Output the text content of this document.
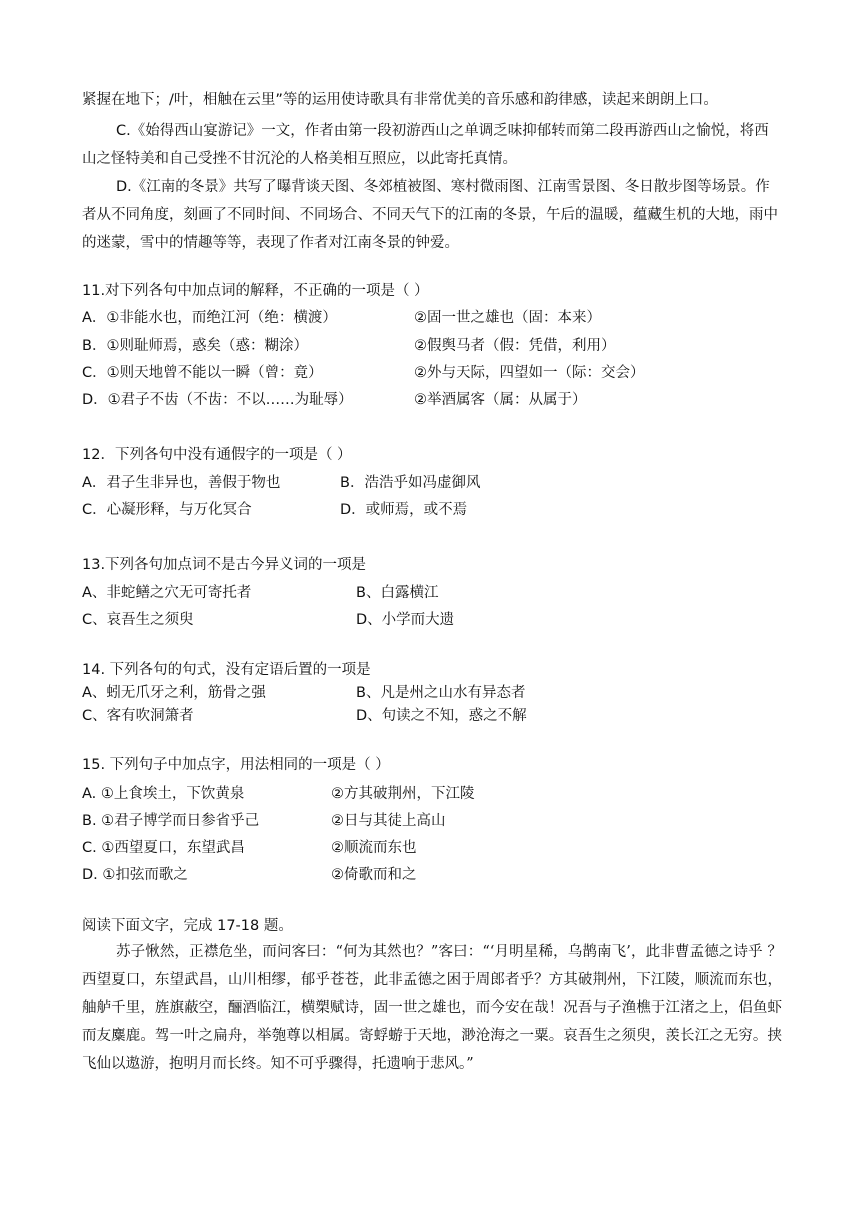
紧握在地下；/叶，相触在云里”等的运用使诗歌具有非常优美的音乐感和韵律感，读起来朗朗上口。
C.《始得西山宴游记》一文，作者由第一段初游西山之单调乏味抑郁转而第二段再游西山之愉悦，将西山之怪特美和自己受挫不甘沉沦的人格美相互照应，以此寄托真情。
D.《江南的冬景》共写了曝背谈天图、冬郊植被图、寒村微雨图、江南雪景图、冬日散步图等场景。作者从不同角度，刻画了不同时间、不同场合、不同天气下的江南的冬景，午后的温暖，蕴藏生机的大地，雨中的迷蒙，雪中的情趣等等，表现了作者对江南冬景的钟爱。
11.对下列各句中加点词的解释，不正确的一项是（ ）
A．①非能水也，而绝江河（绝：横渡）	②固一世之雄也（固：本来）
B．①则耻师焉，惑矣（惑：糊涂）	②假舆马者（假：凭借，利用）
C．①则天地曾不能以一瞬（曾：竟）	②外与天际，四望如一（际：交会）
D．①君子不齿（不齿：不以……为耻辱）	②举酒属客（属：从属于）
12．下列各句中没有通假字的一项是（ ）
A．君子生非异也，善假于物也	B．浩浩乎如冯虚御风
C．心凝形释，与万化冥合	D．或师焉，或不焉
13.下列各句加点词不是古今异义词的一项是
A、非蛇鳝之穴无可寄托者	B、白露横江
C、哀吾生之须臾	D、小学而大遗
14. 下列各句的句式，没有定语后置的一项是
A、蚓无爪牙之利，筋骨之强	B、凡是州之山水有异态者
C、客有吹洞箫者	D、句读之不知，惑之不解
15. 下列句子中加点字，用法相同的一项是（ ）
A. ①上食埃土，下饮黄泉	②方其破荆州，下江陵
B. ①君子博学而日参省乎己	②日与其徒上高山
C. ①西望夏口，东望武昌	②顺流而东也
D. ①扣弦而歌之	②倚歌而和之
阅读下面文字，完成 17-18 题。
苏子愀然，正襟危坐，而问客曰：“何为其然也？”客曰：“‘月明星稀，乌鹊南飞’，此非曹孟德之诗乎 ？西望夏口，东望武昌，山川相缪，郁乎苍苍，此非孟德之困于周郎者乎？方其破荆州，下江陵，顺流而东也，舳舻千里，旌旗蔽空，酾酒临江，横槊赋诗，固一世之雄也，而今安在哉！况吾与子渔樵于江渚之上，侣鱼虾而友麋鹿。驾一叶之扁舟，举匏尊以相属。寄蜉蝣于天地，渺沧海之一粟。哀吾生之须臾，羡长江之无穷。挟飞仙以遨游，抱明月而长终。知不可乎骤得，托遗响于悲风。”
